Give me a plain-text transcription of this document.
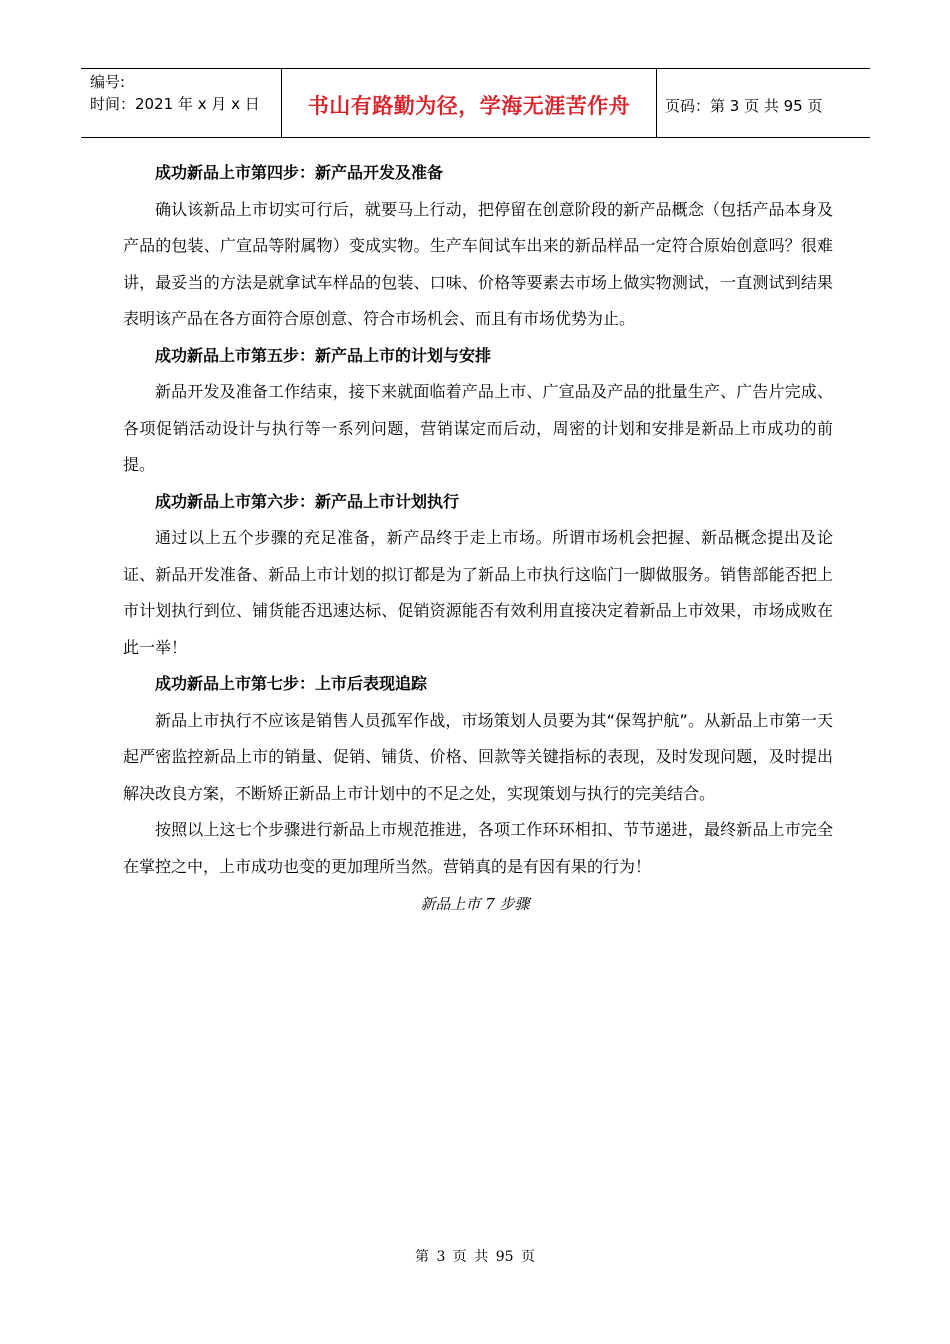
编号:
时间：2021 年 x 月 x 日	书山有路勤为径，学海无涯苦作舟 页码：第 3 页 共 95 页

成功新品上市第四步：新产品开发及准备

确认该新品上市切实可行后，就要马上行动，把停留在创意阶段的新产品概念（包括产品本身及产品的包装、广宣品等附属物）变成实物。生产车间试车出来的新品样品一定符合原始创意吗？很难讲，最妥当的方法是就拿试车样品的包装、口味、价格等要素去市场上做实物测试，一直测试到结果表明该产品在各方面符合原创意、符合市场机会、而且有市场优势为止。

成功新品上市第五步：新产品上市的计划与安排

新品开发及准备工作结束，接下来就面临着产品上市、广宣品及产品的批量生产、广告片完成、各项促销活动设计与执行等一系列问题，营销谋定而后动，周密的计划和安排是新品上市成功的前提。

成功新品上市第六步：新产品上市计划执行

通过以上五个步骤的充足准备，新产品终于走上市场。所谓市场机会把握、新品概念提出及论证、新品开发准备、新品上市计划的拟订都是为了新品上市执行这临门一脚做服务。销售部能否把上市计划执行到位、铺货能否迅速达标、促销资源能否有效利用直接决定着新品上市效果，市场成败在此一举！

成功新品上市第七步：上市后表现追踪

新品上市执行不应该是销售人员孤军作战，市场策划人员要为其“保驾护航”。从新品上市第一天起严密监控新品上市的销量、促销、铺货、价格、回款等关键指标的表现，及时发现问题，及时提出解决改良方案，不断矫正新品上市计划中的不足之处，实现策划与执行的完美结合。

按照以上这七个步骤进行新品上市规范推进，各项工作环环相扣、节节递进，最终新品上市完全在掌控之中，上市成功也变的更加理所当然。营销真的是有因有果的行为！

新品上市 7 步骤
第 3 页 共 95 页
